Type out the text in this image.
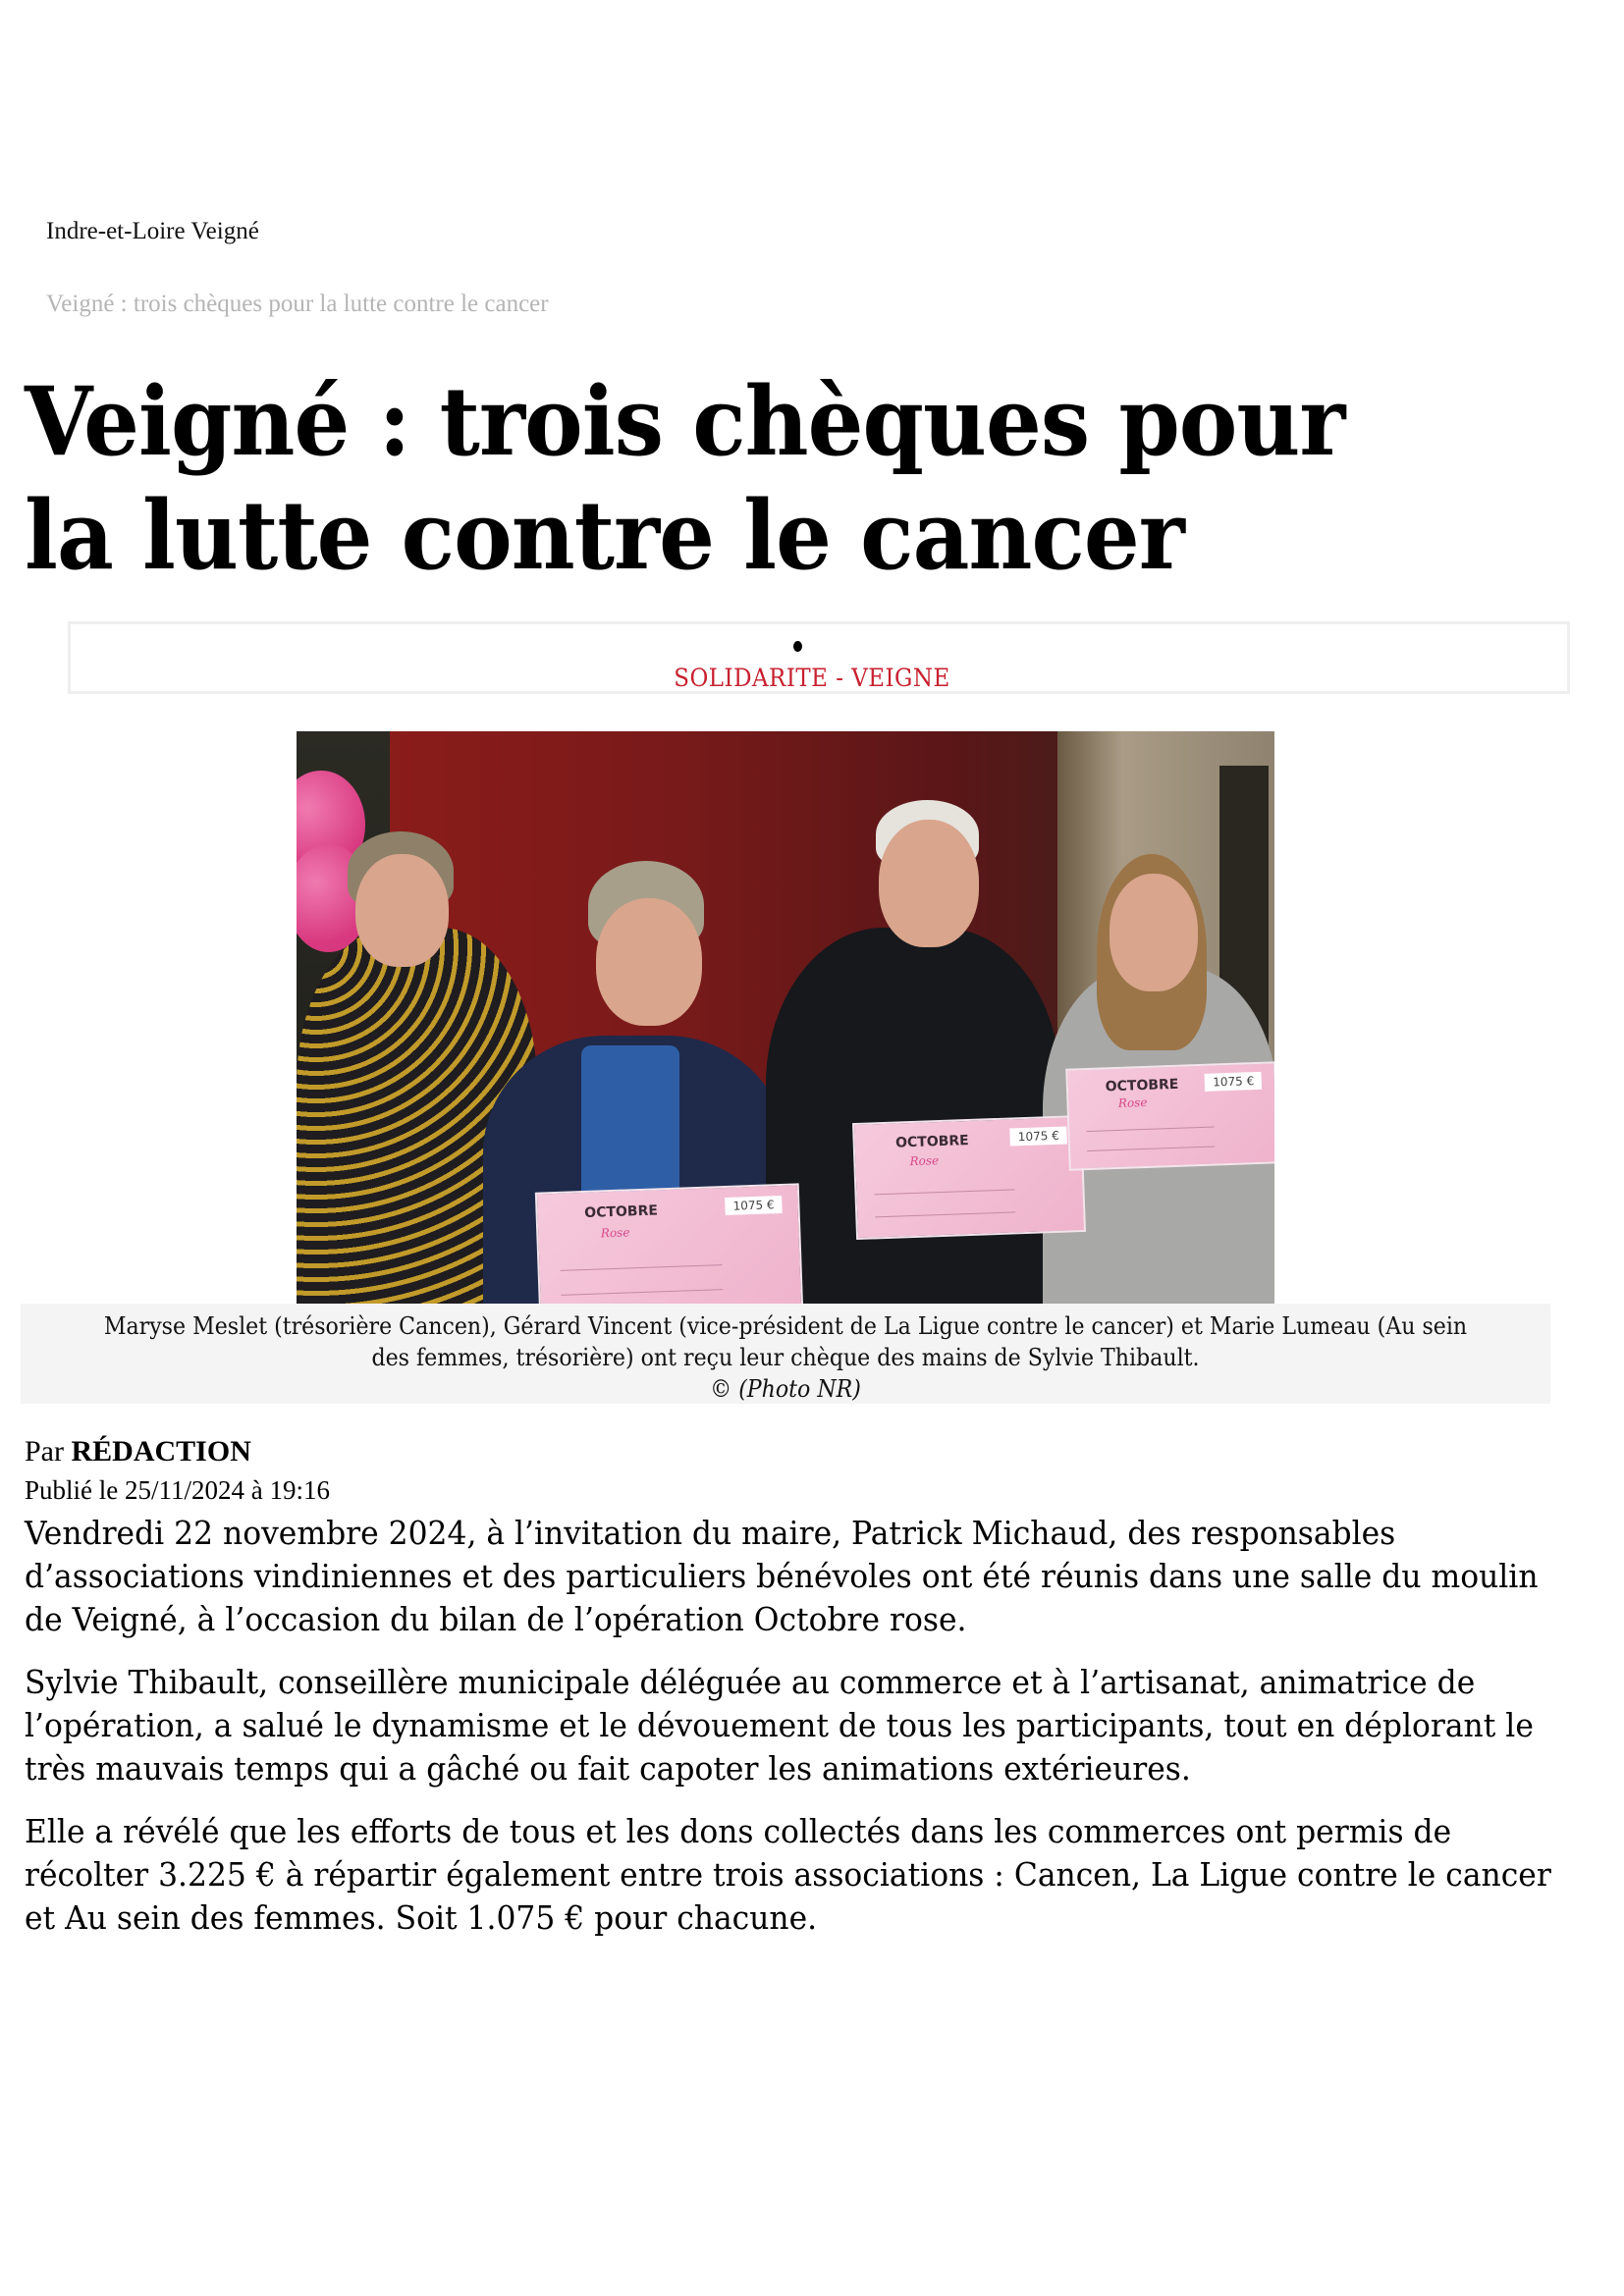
Indre-et-Loire Veigné
Veigné : trois chèques pour la lutte contre le cancer
Veigné : trois chèques pour la lutte contre le cancer
SOLIDARITE - VEIGNE
OCTOBRE
Rose
1075 €
OCTOBRE
Rose
1075 €
OCTOBRE
Rose
1075 €
Maryse Meslet (trésorière Cancen), Gérard Vincent (vice-président de La Ligue contre le cancer) et Marie Lumeau (Au sein des femmes, trésorière) ont reçu leur chèque des mains de Sylvie Thibault.
© (Photo NR)
Par RÉDACTION
Publié le 25/11/2024 à 19:16

Vendredi 22 novembre 2024, à l’invitation du maire, Patrick Michaud, des responsables d’associations vindiniennes et des particuliers bénévoles ont été réunis dans une salle du moulin de Veigné, à l’occasion du bilan de l’opération Octobre rose.

Sylvie Thibault, conseillère municipale déléguée au commerce et à l’artisanat, animatrice de l’opération, a salué le dynamisme et le dévouement de tous les participants, tout en déplorant le très mauvais temps qui a gâché ou fait capoter les animations extérieures.

Elle a révélé que les efforts de tous et les dons collectés dans les commerces ont permis de récolter 3.225 € à répartir également entre trois associations : Cancen, La Ligue contre le cancer et Au sein des femmes. Soit 1.075 € pour chacune.
